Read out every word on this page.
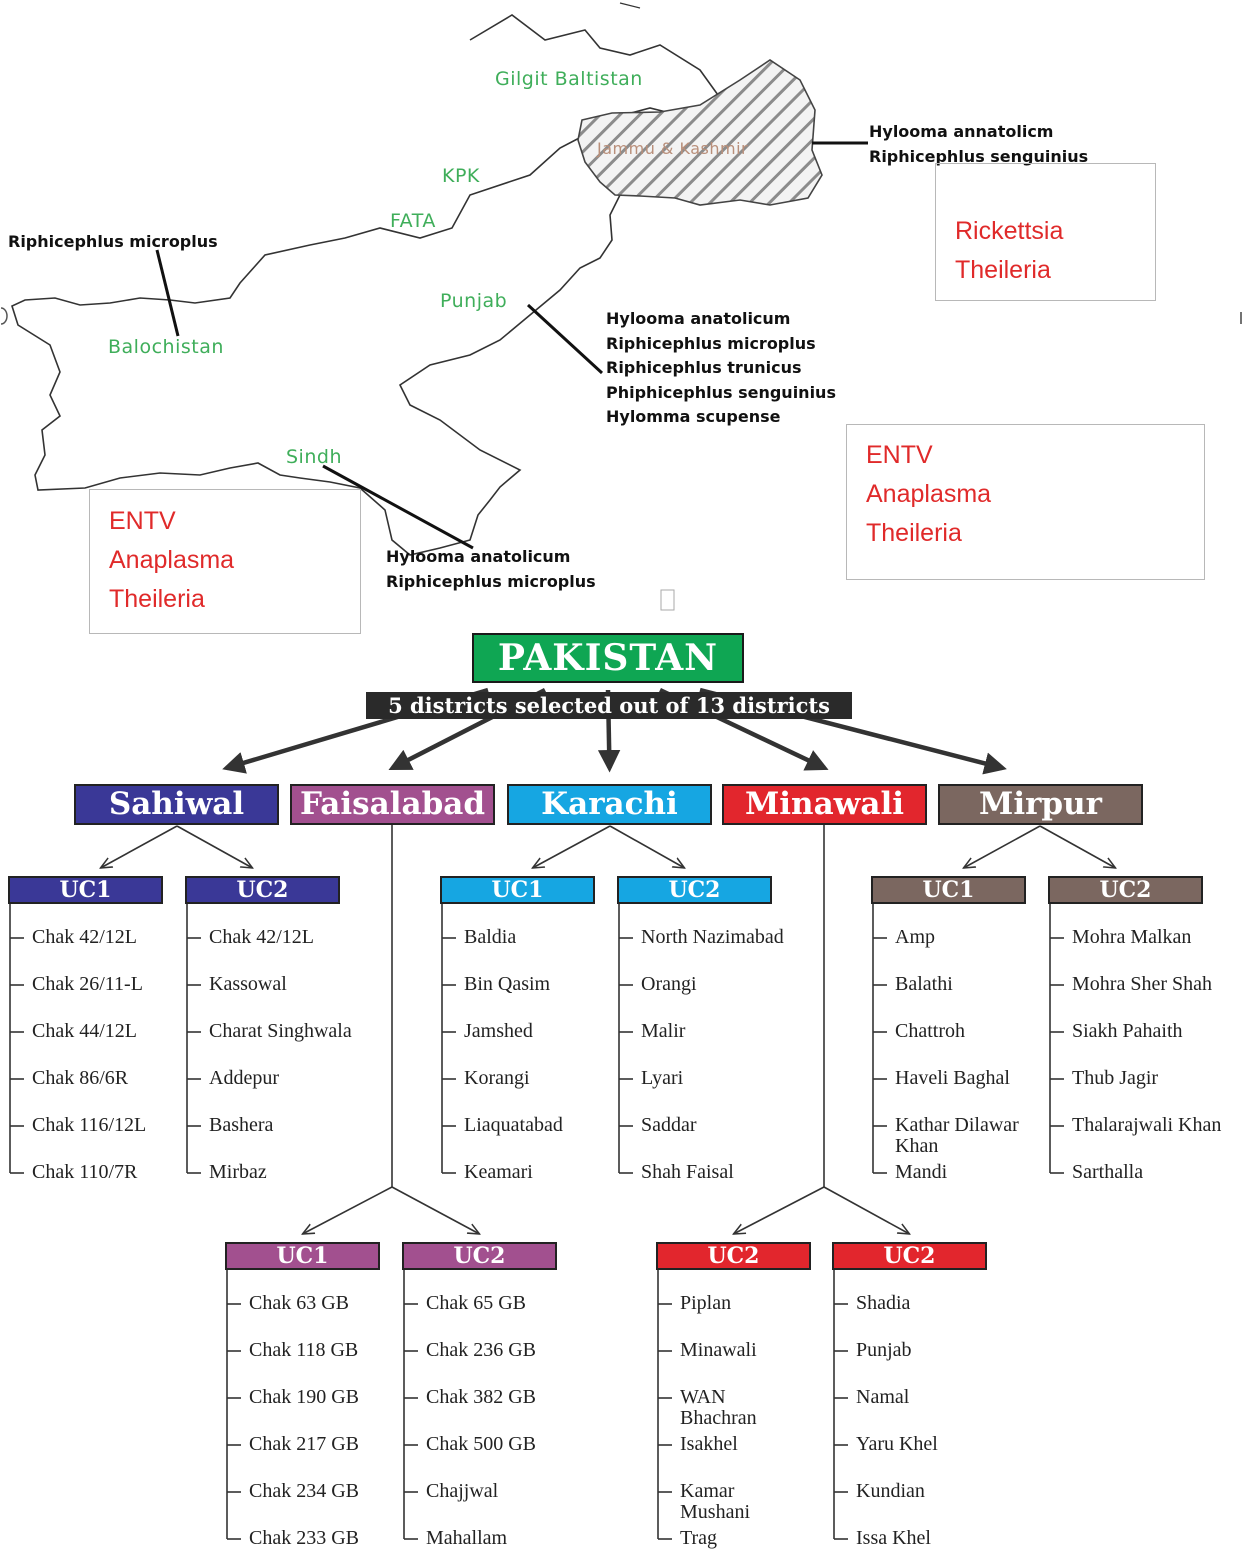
Gilgit Baltistan
Jammu & Kashmir
KPK
FATA
Punjab
Balochistan
Sindh
Hylooma annatolicm
Riphicephlus senguinius
Riphicephlus microplus
Hylooma anatolicum
Riphicephlus microplus
Riphicephlus trunicus
Phiphicephlus senguinius
Hylomma scupense
Hylooma anatolicum
Riphicephlus microplus
Rickettsia
Theileria
ENTV
Anaplasma
Theileria
ENTV
Anaplasma
Theileria
PAKISTAN
5 districts selected out of 13 districts
Sahiwal
UC1
Chak 42/12L
Chak 26/11-L
Chak 44/12L
Chak 86/6R
Chak 116/12L
Chak 110/7R
UC2
Chak 42/12L
Kassowal
Charat Singhwala
Addepur
Bashera
Mirbaz
Faisalabad
UC1
Chak 63 GB
Chak 118 GB
Chak 190 GB
Chak 217 GB
Chak 234 GB
Chak 233 GB
UC2
Chak 65 GB
Chak 236 GB
Chak 382 GB
Chak 500 GB
Chajjwal
Mahallam
Karachi
UC1
Baldia
Bin Qasim
Jamshed
Korangi
Liaquatabad
Keamari
UC2
North Nazimabad
Orangi
Malir
Lyari
Saddar
Shah Faisal
Minawali
UC2
Piplan
Minawali
WAN Bhachran
Isakhel
Kamar Mushani
Trag
UC2
Shadia
Punjab
Namal
Yaru Khel
Kundian
Issa Khel
Mirpur
UC1
Amp
Balathi
Chattroh
Haveli Baghal
Kathar Dilawar Khan
Mandi
UC2
Mohra Malkan
Mohra Sher Shah
Siakh Pahaith
Thub Jagir
Thalarajwali Khan
Sarthalla
